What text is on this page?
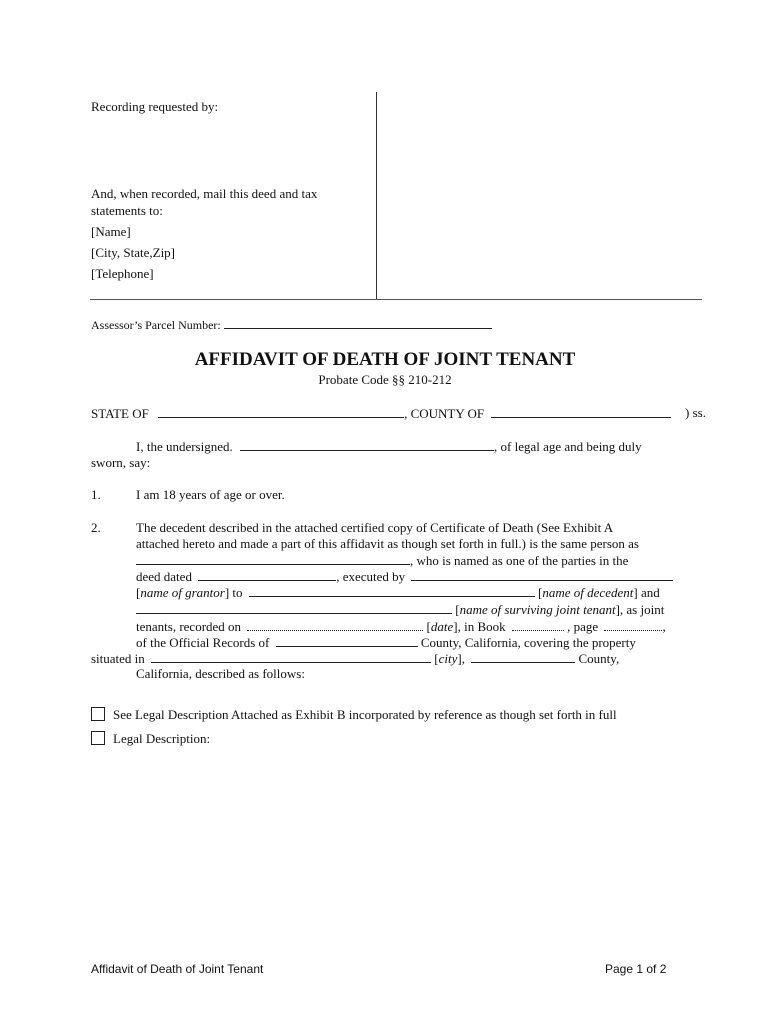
Recording requested by:
And, when recorded, mail this deed and tax
statements to:
[Name]
[City, State,Zip]
[Telephone]
Assessor’s Parcel Number:
AFFIDAVIT OF DEATH OF JOINT TENANT
Probate Code §§ 210-212
STATE OF	, COUNTY OF	) ss.
I, the undersigned.	, of legal age and being duly
sworn, say:
1.	I am 18 years of age or over.
2.	The decedent described in the attached certified copy of Certificate of Death (See Exhibit A
attached hereto and made a part of this affidavit as though set forth in full.) is the same person as
, who is named as one of the parties in the
deed dated	, executed by
[name of grantor] to	[name of decedent] and
[name of surviving joint tenant], as joint
tenants, recorded on	[date], in Book	, page	,
of the Official Records of	County, California, covering the property
situated in	[city],	County,
California, described as follows:
See Legal Description Attached as Exhibit B incorporated by reference as though set forth in full
Legal Description:
Affidavit of Death of Joint Tenant	Page 1 of 2
